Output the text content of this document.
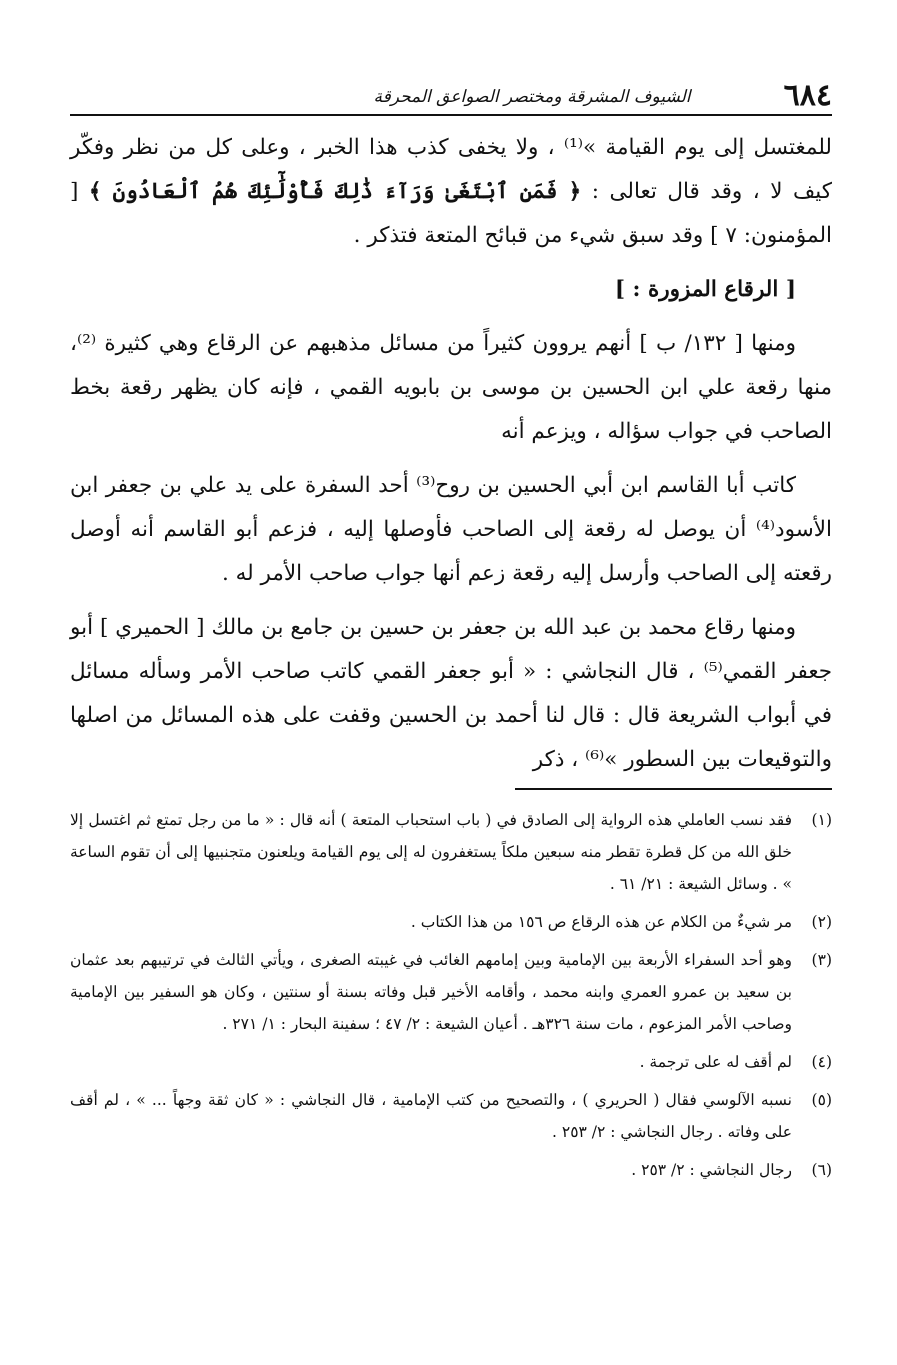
٦٨٤
الشيوف المشرقة ومختصر الصواعق المحرقة

للمغتسل إلى يوم القيامة »⁽¹⁾ ، ولا يخفى كذب هذا الخبر ، وعلى كل من نظر وفكّر كيف لا ، وقد قال تعالى : ﴿ فَمَنِ ٱبْتَغَىٰ وَرَآءَ ذَٰلِكَ فَأُوْلَٰٓئِكَ هُمُ ٱلْعَادُونَ ﴾ [ المؤمنون: ٧ ] وقد سبق شيء من قبائح المتعة فتذكر .

[ الرقاع المزورة : ]

ومنها [ ١٣٢/ ب ] أنهم يروون كثيراً من مسائل مذهبهم عن الرقاع وهي كثيرة ⁽²⁾، منها رقعة علي ابن الحسين بن موسى بن بابويه القمي ، فإنه كان يظهر رقعة بخط الصاحب في جواب سؤاله ، ويزعم أنه

كاتب أبا القاسم ابن أبي الحسين بن روح⁽³⁾ أحد السفرة على يد علي بن جعفر ابن الأسود⁽⁴⁾ أن يوصل له رقعة إلى الصاحب فأوصلها إليه ، فزعم أبو القاسم أنه أوصل رقعته إلى الصاحب وأرسل إليه رقعة زعم أنها جواب صاحب الأمر له .

ومنها رقاع محمد بن عبد الله بن جعفر بن حسين بن جامع بن مالك [ الحميري ] أبو جعفر القمي⁽⁵⁾ ، قال النجاشي : « أبو جعفر القمي كاتب صاحب الأمر وسأله مسائل في أبواب الشريعة قال : قال لنا أحمد بن الحسين وقفت على هذه المسائل من اصلها والتوقيعات بين السطور »⁽⁶⁾ ، ذكر

(١)
فقد نسب العاملي هذه الرواية إلى الصادق في ( باب استحباب المتعة ) أنه قال : « ما من رجل تمتع ثم اغتسل إلا خلق الله من كل قطرة تقطر منه سبعين ملكاً يستغفرون له إلى يوم القيامة ويلعنون متجنبيها إلى أن تقوم الساعة » . وسائل الشيعة : ٢١/ ٦١ .

(٢)
مر شيءٌ من الكلام عن هذه الرقاع ص ١٥٦ من هذا الكتاب .

(٣)
وهو أحد السفراء الأربعة بين الإمامية وبين إمامهم الغائب في غيبته الصغرى ، ويأتي الثالث في ترتيبهم بعد عثمان بن سعيد بن عمرو العمري وابنه محمد ، وأقامه الأخير قبل وفاته بسنة أو سنتين ، وكان هو السفير بين الإمامية وصاحب الأمر المزعوم ، مات سنة ٣٢٦هـ . أعيان الشيعة : ٢/ ٤٧ ؛ سفينة البحار : ١/ ٢٧١ .

(٤)
لم أقف له على ترجمة .

(٥)
نسبه الآلوسي فقال ( الحريري ) ، والتصحيح من كتب الإمامية ، قال النجاشي : « كان ثقة وجهاً ... » ، لم أقف على وفاته . رجال النجاشي : ٢/ ٢٥٣ .

(٦)
رجال النجاشي : ٢/ ٢٥٣ .
